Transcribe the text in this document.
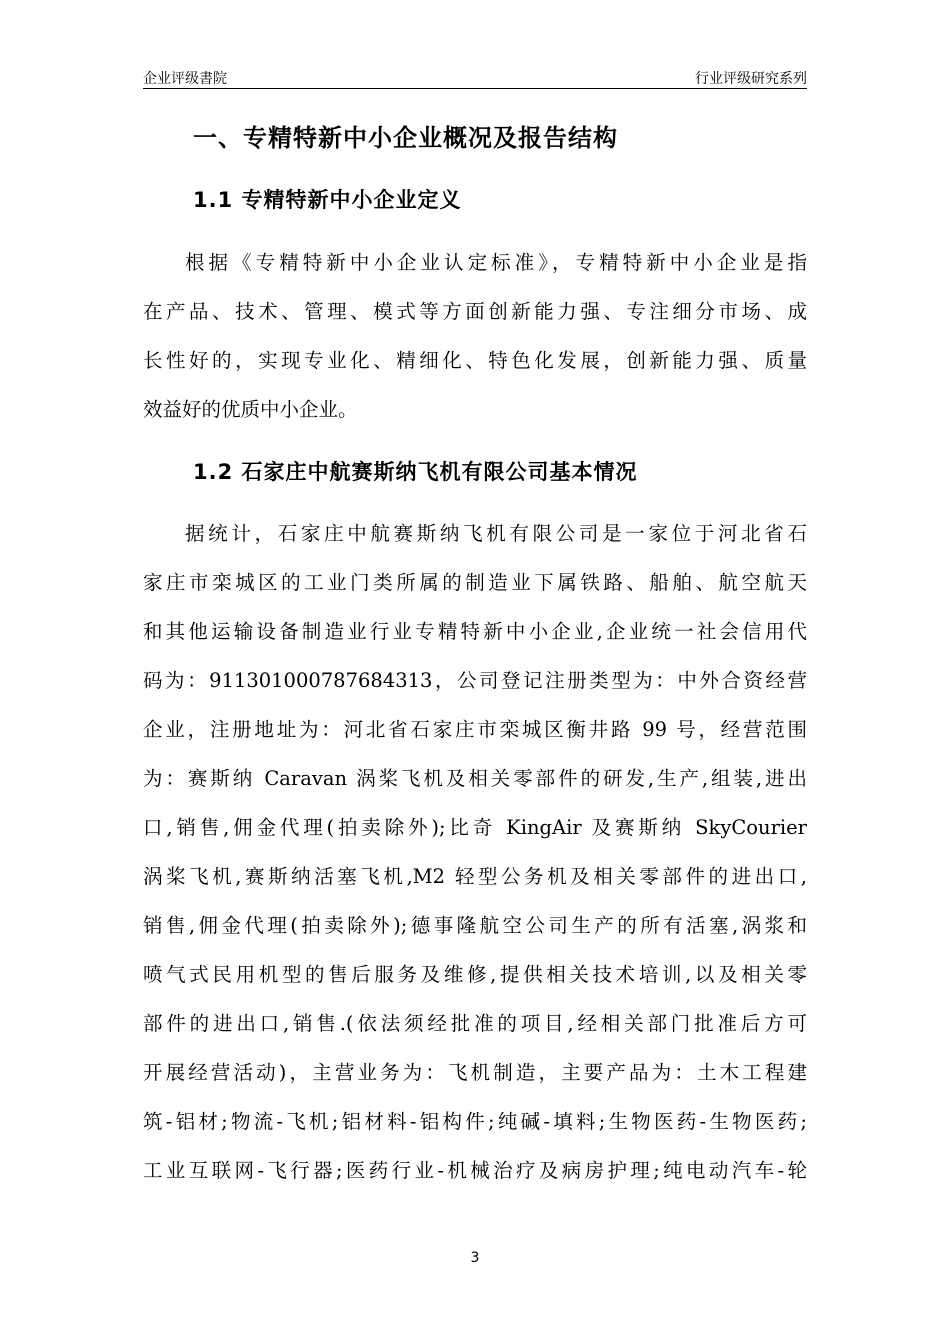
企业评级書院	行业评级研究系列
一、专精特新中小企业概况及报告结构
1.1 专精特新中小企业定义
根据《专精特新中小企业认定标准》，专精特新中小企业是指
在产品、技术、管理、模式等方面创新能力强、专注细分市场、成
长性好的，实现专业化、精细化、特色化发展，创新能力强、质量
效益好的优质中小企业。
1.2 石家庄中航赛斯纳飞机有限公司基本情况
据统计，石家庄中航赛斯纳飞机有限公司是一家位于河北省石
家庄市栾城区的工业门类所属的制造业下属铁路、船舶、航空航天
和其他运输设备制造业行业专精特新中小企业,企业统一社会信用代
码为：911301000787684313，公司登记注册类型为：中外合资经营
企业，注册地址为：河北省石家庄市栾城区衡井路 99 号，经营范围
为：赛斯纳 Caravan 涡桨飞机及相关零部件的研发,生产,组装,进出
口,销售,佣金代理(拍卖除外);比奇 KingAir 及赛斯纳 SkyCourier
涡桨飞机,赛斯纳活塞飞机,M2 轻型公务机及相关零部件的进出口,
销售,佣金代理(拍卖除外);德事隆航空公司生产的所有活塞,涡浆和
喷气式民用机型的售后服务及维修,提供相关技术培训,以及相关零
部件的进出口,销售.(依法须经批准的项目,经相关部门批准后方可
开展经营活动)，主营业务为：飞机制造，主要产品为：土木工程建
筑-铝材;物流-飞机;铝材料-铝构件;纯碱-填料;生物医药-生物医药;
工业互联网-飞行器;医药行业-机械治疗及病房护理;纯电动汽车-轮
3
